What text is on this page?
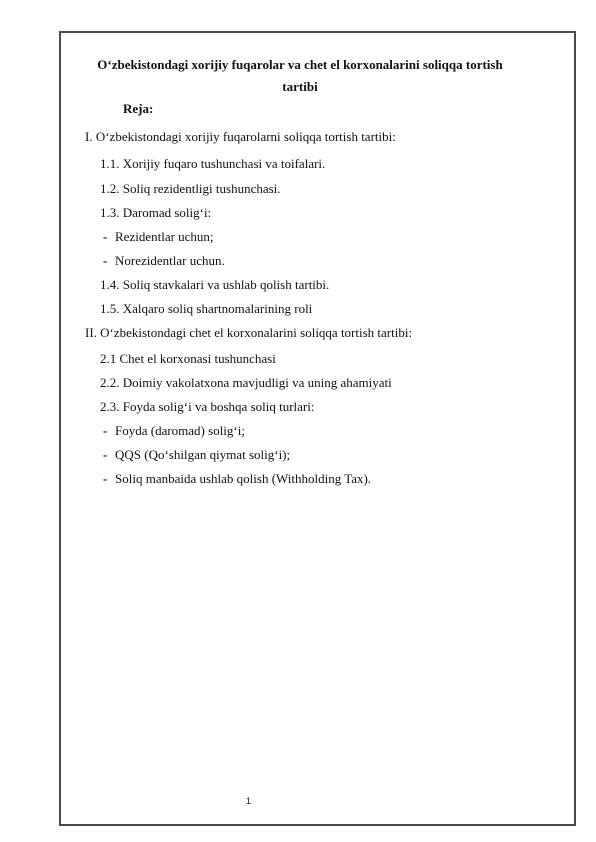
O‘zbekistondagi xorijiy fuqarolar va chet el korxonalarini soliqqa tortish
tartibi
Reja:
I. O‘zbekistondagi xorijiy fuqarolarni soliqqa tortish tartibi:
1.1. Xorijiy fuqaro tushunchasi va toifalari.
1.2. Soliq rezidentligi tushunchasi.
1.3. Daromad solig‘i:
- Rezidentlar uchun;
- Norezidentlar uchun.
1.4. Soliq stavkalari va ushlab qolish tartibi.
1.5. Xalqaro soliq shartnomalarining roli
II. O‘zbekistondagi chet el korxonalarini soliqqa tortish tartibi:
2.1 Chet el korxonasi tushunchasi
2.2. Doimiy vakolatxona mavjudligi va uning ahamiyati
2.3. Foyda solig‘i va boshqa soliq turlari:
- Foyda (daromad) solig‘i;
- QQS (Qo‘shilgan qiymat solig‘i);
- Soliq manbaida ushlab qolish (Withholding Tax).
1
